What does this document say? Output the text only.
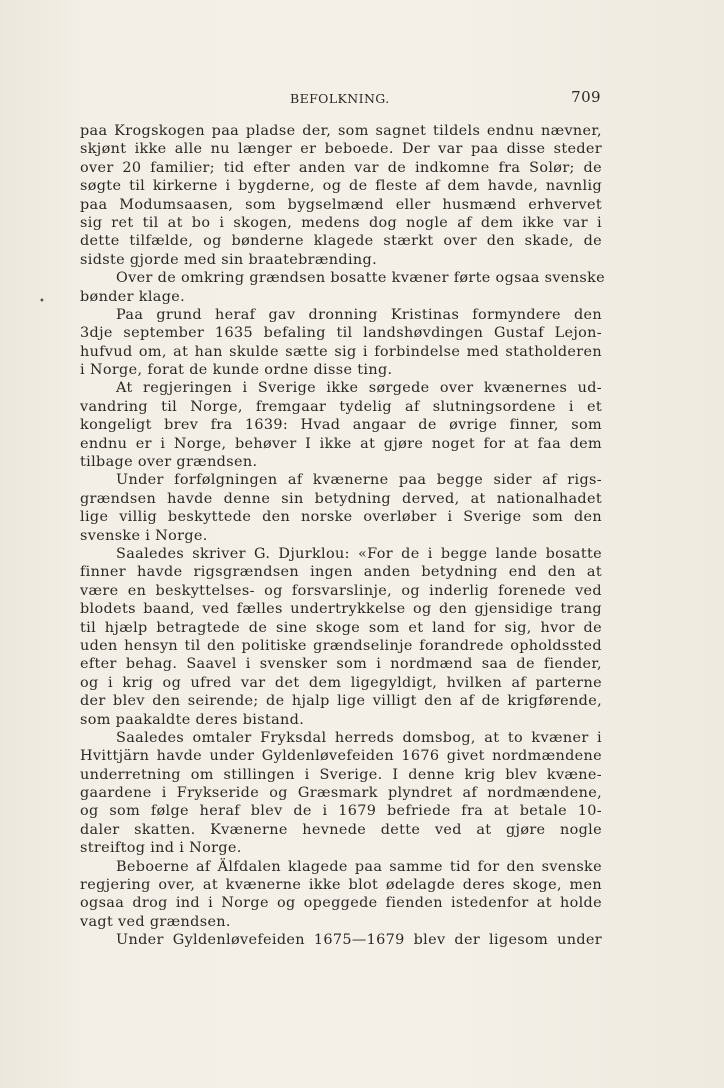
BEFOLKNING.	709
•
paa Krogskogen paa pladse der, som sagnet tildels endnu nævner,
skjønt ikke alle nu længer er beboede. Der var paa disse steder
over 20 familier; tid efter anden var de indkomne fra Solør; de
søgte til kirkerne i bygderne, og de fleste af dem havde, navnlig
paa Modumsaasen, som bygselmænd eller husmænd erhvervet
sig ret til at bo i skogen, medens dog nogle af dem ikke var i
dette tilfælde, og bønderne klagede stærkt over den skade, de
sidste gjorde med sin braatebrænding.
Over de omkring grændsen bosatte kvæner førte ogsaa svenske
bønder klage.
Paa grund heraf gav dronning Kristinas formyndere den
3dje september 1635 befaling til landshøvdingen Gustaf Lejon-
hufvud om, at han skulde sætte sig i forbindelse med statholderen
i Norge, forat de kunde ordne disse ting.
At regjeringen i Sverige ikke sørgede over kvænernes ud-
vandring til Norge, fremgaar tydelig af slutningsordene i et
kongeligt brev fra 1639: Hvad angaar de øvrige finner, som
endnu er i Norge, behøver I ikke at gjøre noget for at faa dem
tilbage over grændsen.
Under forfølgningen af kvænerne paa begge sider af rigs-
grændsen havde denne sin betydning derved, at nationalhadet
lige villig beskyttede den norske overløber i Sverige som den
svenske i Norge.
Saaledes skriver G. Djurklou: «For de i begge lande bosatte
finner havde rigsgrændsen ingen anden betydning end den at
være en beskyttelses- og forsvarslinje, og inderlig forenede ved
blodets baand, ved fælles undertrykkelse og den gjensidige trang
til hjælp betragtede de sine skoge som et land for sig, hvor de
uden hensyn til den politiske grændselinje forandrede opholdssted
efter behag. Saavel i svensker som i nordmænd saa de fiender,
og i krig og ufred var det dem ligegyldigt, hvilken af parterne
der blev den seirende; de hjalp lige villigt den af de krigførende,
som paakaldte deres bistand.
Saaledes omtaler Fryksdal herreds domsbog, at to kvæner i
Hvittjärn havde under Gyldenløvefeiden 1676 givet nordmændene
underretning om stillingen i Sverige. I denne krig blev kvæne-
gaardene i Frykseride og Græsmark plyndret af nordmændene,
og som følge heraf blev de i 1679 befriede fra at betale 10-
daler skatten. Kvænerne hevnede dette ved at gjøre nogle
streiftog ind i Norge.
Beboerne af Älfdalen klagede paa samme tid for den svenske
regjering over, at kvænerne ikke blot ødelagde deres skoge, men
ogsaa drog ind i Norge og opeggede fienden istedenfor at holde
vagt ved grændsen.
Under Gyldenløvefeiden 1675—1679 blev der ligesom under
